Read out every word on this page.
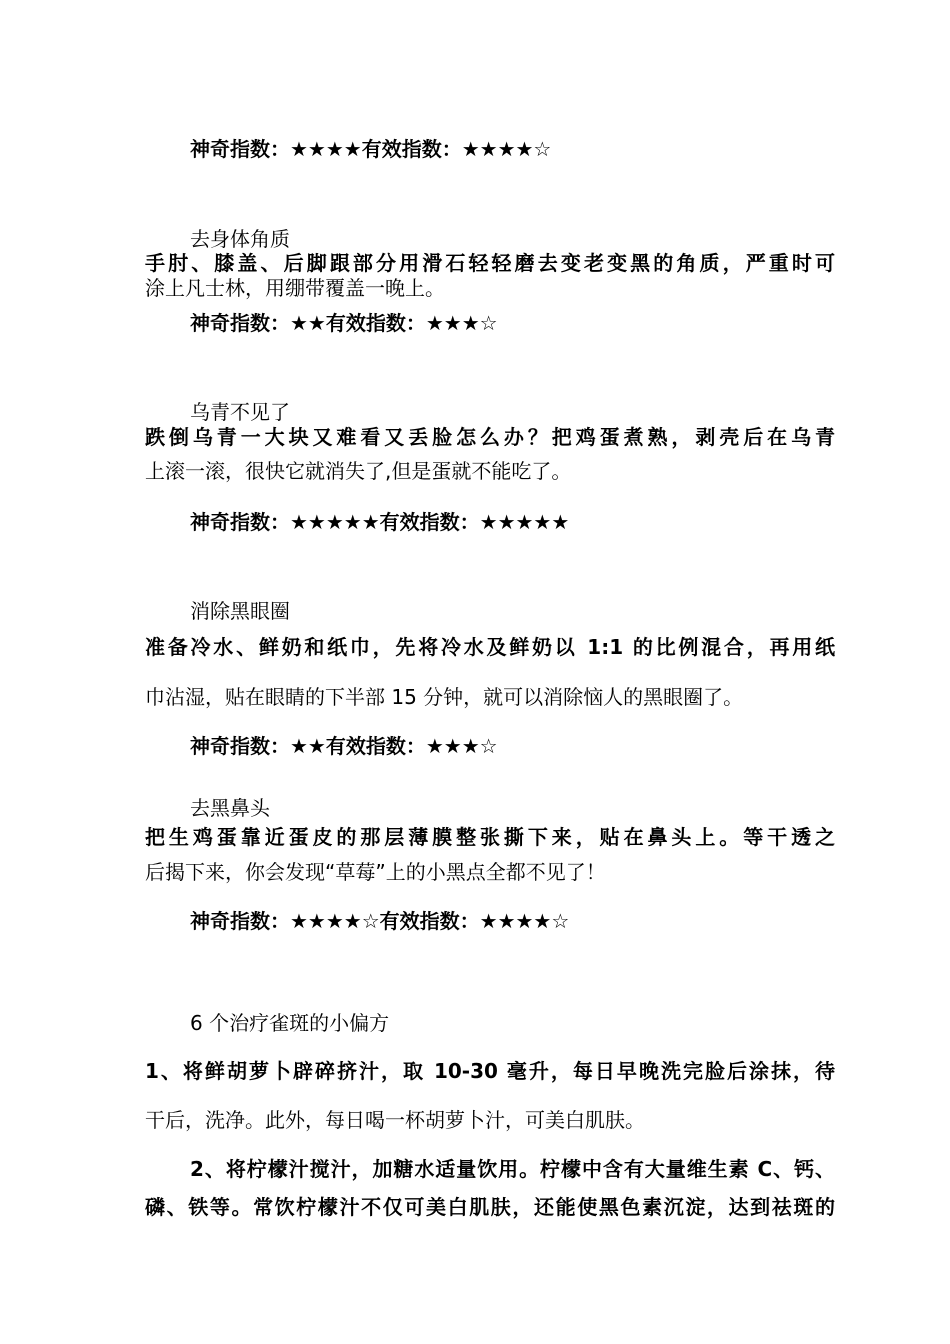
神奇指数：★★★★有效指数：★★★★☆

去身体角质

手肘、膝盖、后脚跟部分用滑石轻轻磨去变老变黑的角质，严重时可

涂上凡士林，用绷带覆盖一晚上。

神奇指数：★★有效指数：★★★☆

乌青不见了

跌倒乌青一大块又难看又丢脸怎么办？把鸡蛋煮熟，剥壳后在乌青

上滚一滚，很快它就消失了,但是蛋就不能吃了。

神奇指数：★★★★★有效指数：★★★★★

消除黑眼圈

准备冷水、鲜奶和纸巾，先将冷水及鲜奶以 1:1 的比例混合，再用纸

巾沾湿，贴在眼睛的下半部 15 分钟，就可以消除恼人的黑眼圈了。

神奇指数：★★有效指数：★★★☆

去黑鼻头

把生鸡蛋靠近蛋皮的那层薄膜整张撕下来，贴在鼻头上。等干透之

后揭下来，你会发现“草莓”上的小黑点全都不见了！

神奇指数：★★★★☆有效指数：★★★★☆

6 个治疗雀斑的小偏方

1、将鲜胡萝卜辟碎挤汁，取 10-30 毫升，每日早晚洗完脸后涂抹，待

干后，洗净。此外，每日喝一杯胡萝卜汁，可美白肌肤。

2、将柠檬汁搅汁，加糖水适量饮用。柠檬中含有大量维生素 C、钙、

磷、铁等。常饮柠檬汁不仅可美白肌肤，还能使黑色素沉淀，达到祛斑的
